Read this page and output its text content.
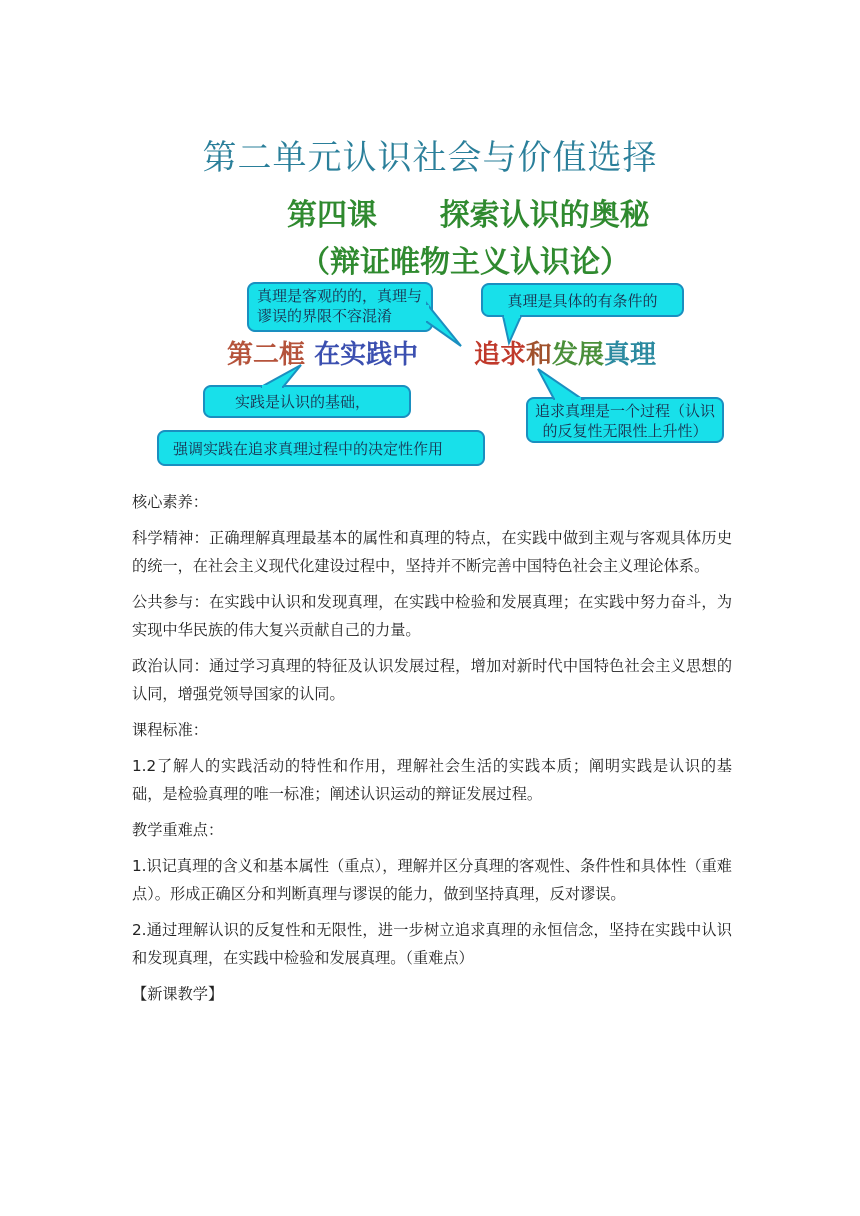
第二单元认识社会与价值选择
第四课      探索认识的奥秘
（辩证唯物主义认识论）
第二框 在实践中 追求和发展真理
真理是客观的的，真理与谬误的界限不容混淆
真理是具体的有条件的
实践是认识的基础，
强调实践在追求真理过程中的决定性作用
追求真理是一个过程（认识的反复性无限性上升性）

核心素养：

科学精神：正确理解真理最基本的属性和真理的特点，在实践中做到主观与客观具体历史的统一，在社会主义现代化建设过程中，坚持并不断完善中国特色社会主义理论体系。

公共参与：在实践中认识和发现真理，在实践中检验和发展真理；在实践中努力奋斗，为实现中华民族的伟大复兴贡献自己的力量。

政治认同：通过学习真理的特征及认识发展过程，增加对新时代中国特色社会主义思想的认同，增强党领导国家的认同。

课程标准：

1.2了解人的实践活动的特性和作用，理解社会生活的实践本质；阐明实践是认识的基础，是检验真理的唯一标准；阐述认识运动的辩证发展过程。

教学重难点：

1.识记真理的含义和基本属性（重点），理解并区分真理的客观性、条件性和具体性（重难点）。形成正确区分和判断真理与谬误的能力，做到坚持真理，反对谬误。

2.通过理解认识的反复性和无限性，进一步树立追求真理的永恒信念，坚持在实践中认识和发现真理，在实践中检验和发展真理。（重难点）

【新课教学】
